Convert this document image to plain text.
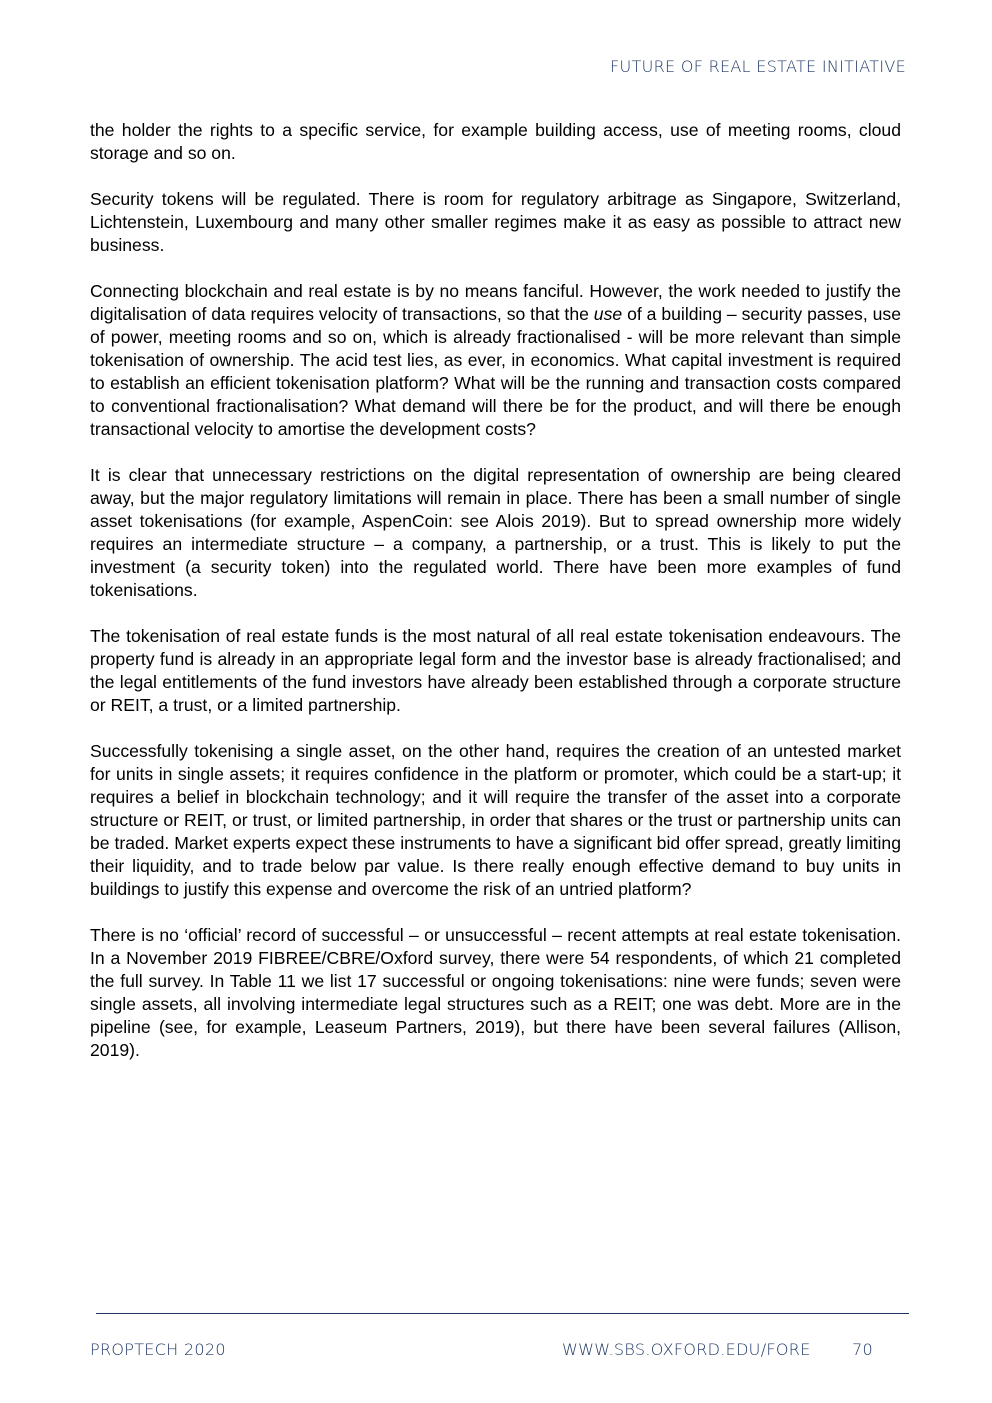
FUTURE OF REAL ESTATE INITIATIVE

the holder the rights to a specific service, for example building access, use of meeting rooms, cloud storage and so on.

Security tokens will be regulated. There is room for regulatory arbitrage as Singapore, Switzerland, Lichtenstein, Luxembourg and many other smaller regimes make it as easy as possible to attract new business.

Connecting blockchain and real estate is by no means fanciful. However, the work needed to justify the digitalisation of data requires velocity of transactions, so that the use of a building – security passes, use of power, meeting rooms and so on, which is already fractionalised - will be more relevant than simple tokenisation of ownership. The acid test lies, as ever, in economics. What capital investment is required to establish an efficient tokenisation platform? What will be the running and transaction costs compared to conventional fractionalisation? What demand will there be for the product, and will there be enough transactional velocity to amortise the development costs?

It is clear that unnecessary restrictions on the digital representation of ownership are being cleared away, but the major regulatory limitations will remain in place. There has been a small number of single asset tokenisations (for example, AspenCoin: see Alois 2019). But to spread ownership more widely requires an intermediate structure – a company, a partnership, or a trust. This is likely to put the investment (a security token) into the regulated world. There have been more examples of fund tokenisations.

The tokenisation of real estate funds is the most natural of all real estate tokenisation endeavours. The property fund is already in an appropriate legal form and the investor base is already fractionalised; and the legal entitlements of the fund investors have already been established through a corporate structure or REIT, a trust, or a limited partnership.

Successfully tokenising a single asset, on the other hand, requires the creation of an untested market for units in single assets; it requires confidence in the platform or promoter, which could be a start-up; it requires a belief in blockchain technology; and it will require the transfer of the asset into a corporate structure or REIT, or trust, or limited partnership, in order that shares or the trust or partnership units can be traded. Market experts expect these instruments to have a significant bid offer spread, greatly limiting their liquidity, and to trade below par value. Is there really enough effective demand to buy units in buildings to justify this expense and overcome the risk of an untried platform?

There is no ‘official’ record of successful – or unsuccessful – recent attempts at real estate tokenisation. In a November 2019 FIBREE/CBRE/Oxford survey, there were 54 respondents, of which 21 completed the full survey. In Table 11 we list 17 successful or ongoing tokenisations: nine were funds; seven were single assets, all involving intermediate legal structures such as a REIT; one was debt. More are in the pipeline (see, for example, Leaseum Partners, 2019), but there have been several failures (Allison, 2019).

PROPTECH 2020	WWW.SBS.OXFORD.EDU/FORE	70
